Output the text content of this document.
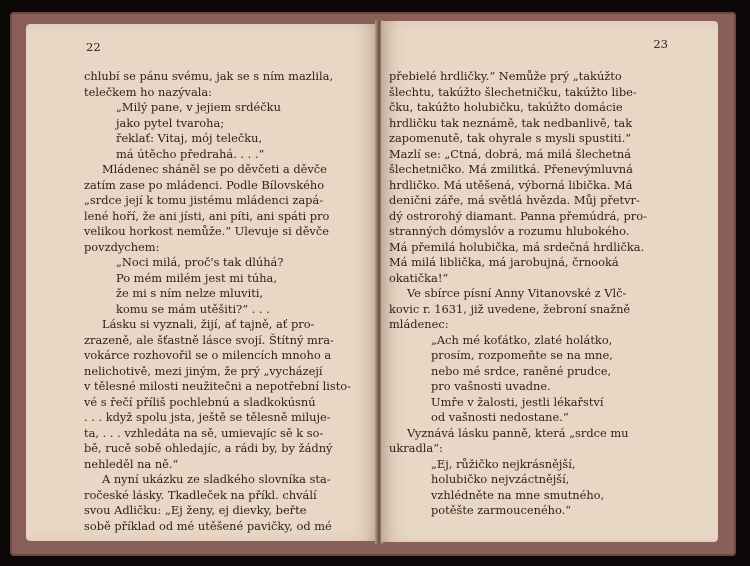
22

chlubí se pánu svému, jak se s ním mazlila,

telečkem ho nazývala:

„Milý pane, v jejiem srdéčku

jako pytel tvaroha;

řeklať: Vitaj, mój telečku,

má útěcho předrahá. . . .“

Mládenec sháněl se po děvčeti a děvče

zatím zase po mládenci. Podle Bílovského

„srdce její k tomu jistému mládenci zapá-

lené hoří, že ani jísti, ani píti, ani spáti pro

velikou horkost nemůže.“ Ulevuje si děvče

povzdychem:

„Noci milá, proč's tak dlúhá?

Po mém milém jest mi túha,

že mi s ním nelze mluviti,

komu se mám utěšiti?“ . . .

Lásku si vyznali, žijí, ať tajně, ať pro-

zrazeně, ale šťastně lásce svojí. Štítný mra-

vokárce rozhovořil se o milencích mnoho a

nelichotivě, mezi jiným, že prý „vycházejí

v tělesné milosti neužitečni a nepotřební listo-

vé s řečí příliš pochlebnú a sladkokúsnú

. . . když spolu jsta, ještě se tělesně miluje-

ta, . . . vzhledáta na sě, umievajíc sě k so-

bě, rucě sobě ohledajíc, a rádi by, by žádný

nehleděl na ně.“

A nyní ukázku ze sladkého slovníka sta-

ročeské lásky. Tkadleček na příkl. chválí

svou Adličku: „Ej ženy, ej dievky, beřte

sobě příklad od mé utěšené pavičky, od mé

23

přebielé hrdličky.“ Nemůže prý „takúžto

šlechtu, takúžto šlechetničku, takúžto libe-

čku, takúžto holubičku, takúžto domácie

hrdličku tak neznámě, tak nedbanlivě, tak

zapomenutě, tak ohyrale s mysli spustiti.“

Mazlí se: „Ctná, dobrá, má milá šlechetná

šlechetničko. Má zmilitká. Přenevýmluvná

hrdličko. Má utěšená, výborná libička. Má

denični záře, má světlá hvězda. Můj přetvr-

dý ostrorohý diamant. Panna přemúdrá, pro-

stranných dómyslóv a rozumu hlubokého.

Má přemilá holubička, má srdečná hrdlička.

Má milá liblička, má jarobujná, črnooká

okatička!“

Ve sbírce písní Anny Vitanovské z Vlč-

kovic r. 1631, již uvedene, žebroní snažně

mládenec:

„Ach mé koťátko, zlaté holátko,

prosím, rozpomeňte se na mne,

nebo mé srdce, raněné prudce,

pro vašnosti uvadne.

Umře v žalosti, jestli lékařství

od vašnosti nedostane.“

Vyznává lásku panně, která „srdce mu

ukradla“:

„Ej, růžičko nejkrásnější,

holubičko nejvzáctnější,

vzhlédněte na mne smutného,

potěšte zarmouceného.“
